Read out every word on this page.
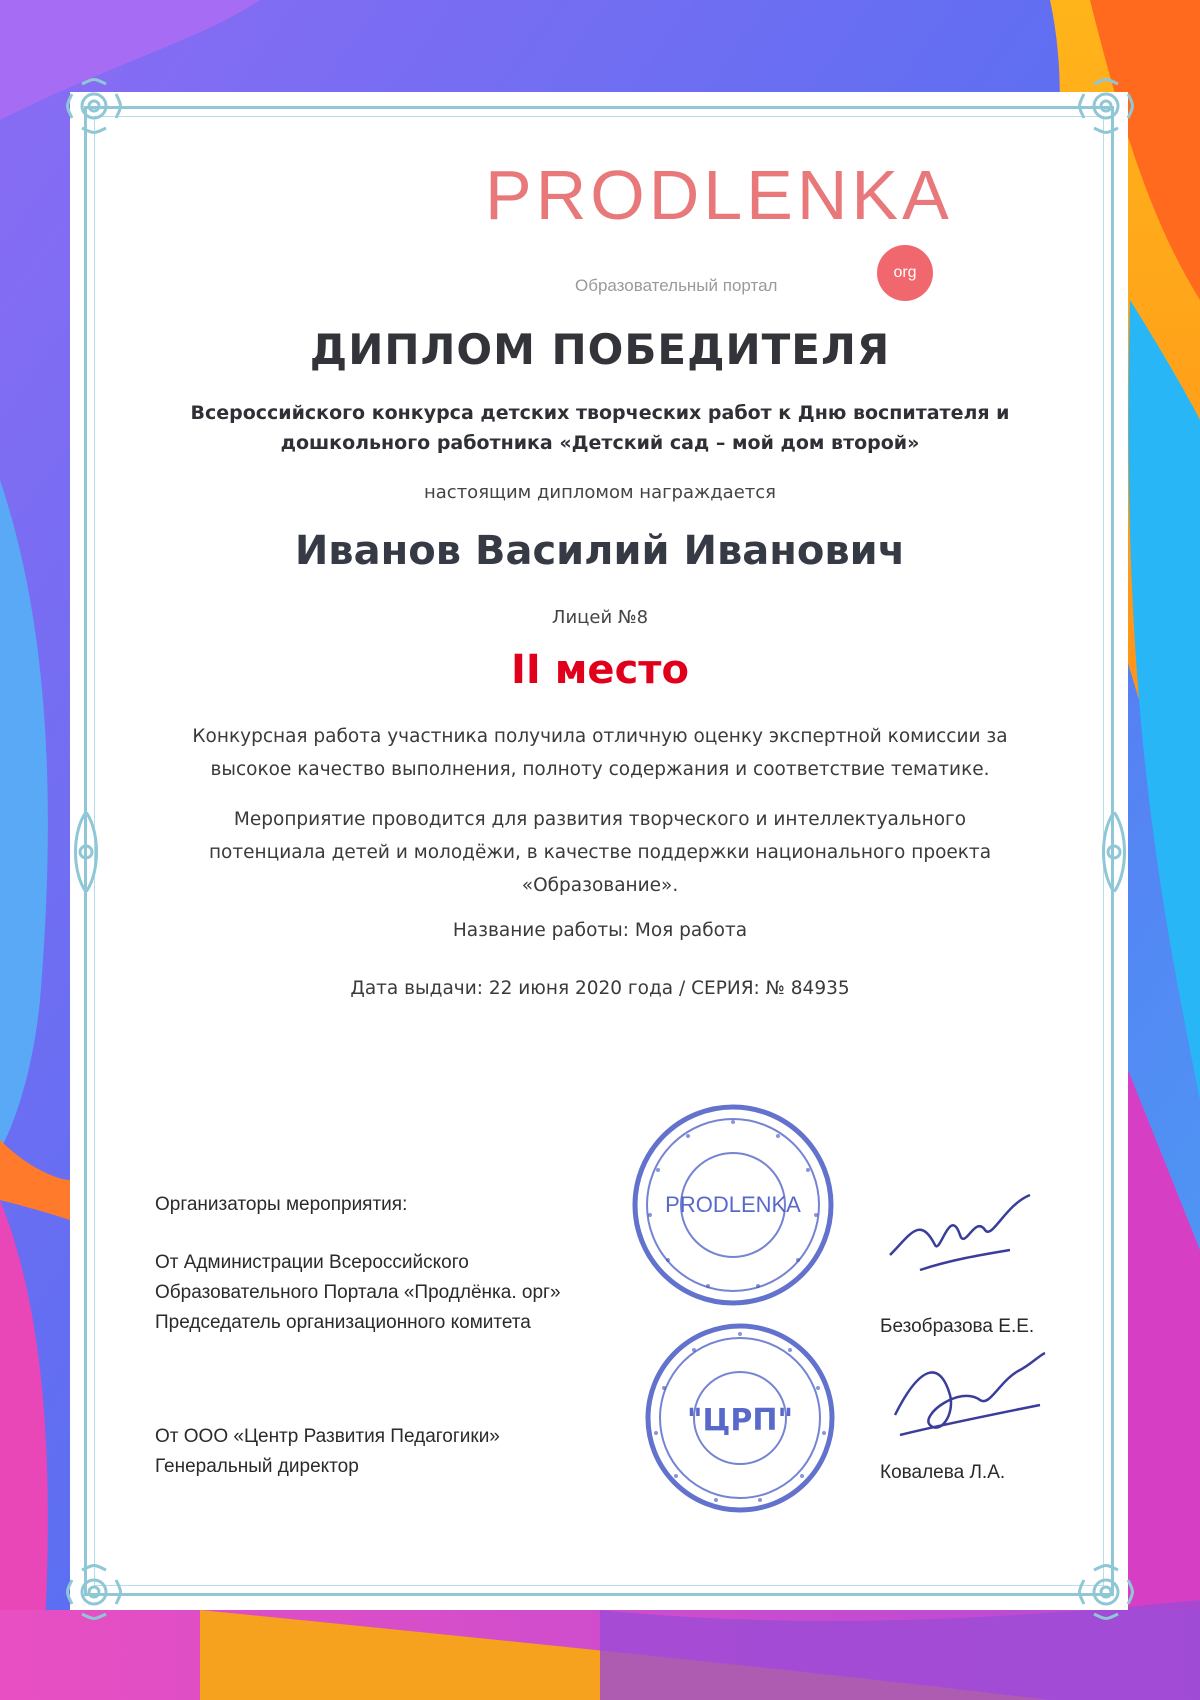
PRODLENKA
org
Образовательный портал
ДИПЛОМ ПОБЕДИТЕЛЯ
Всероссийского конкурса детских творческих работ к Дню воспитателя и
дошкольного работника «Детский сад – мой дом второй»
настоящим дипломом награждается
Иванов Василий Иванович
Лицей №8
II место
Конкурсная работа участника получила отличную оценку экспертной комиссии за
высокое качество выполнения, полноту содержания и соответствие тематике.
Мероприятие проводится для развития творческого и интеллектуального
потенциала детей и молодёжи, в качестве поддержки национального проекта
«Образование».
Название работы: Моя работа
Дата выдачи: 22 июня 2020 года / СЕРИЯ: № 84935
Организаторы мероприятия:
От Администрации Всероссийского
Образовательного Портала «Продлёнка. орг»
Председатель организационного комитета	Безобразова Е.Е.
От ООО «Центр Развития Педагогики»
Генеральный директор	Ковалева Л.А.
PRODLENKA
"ЦРП"
